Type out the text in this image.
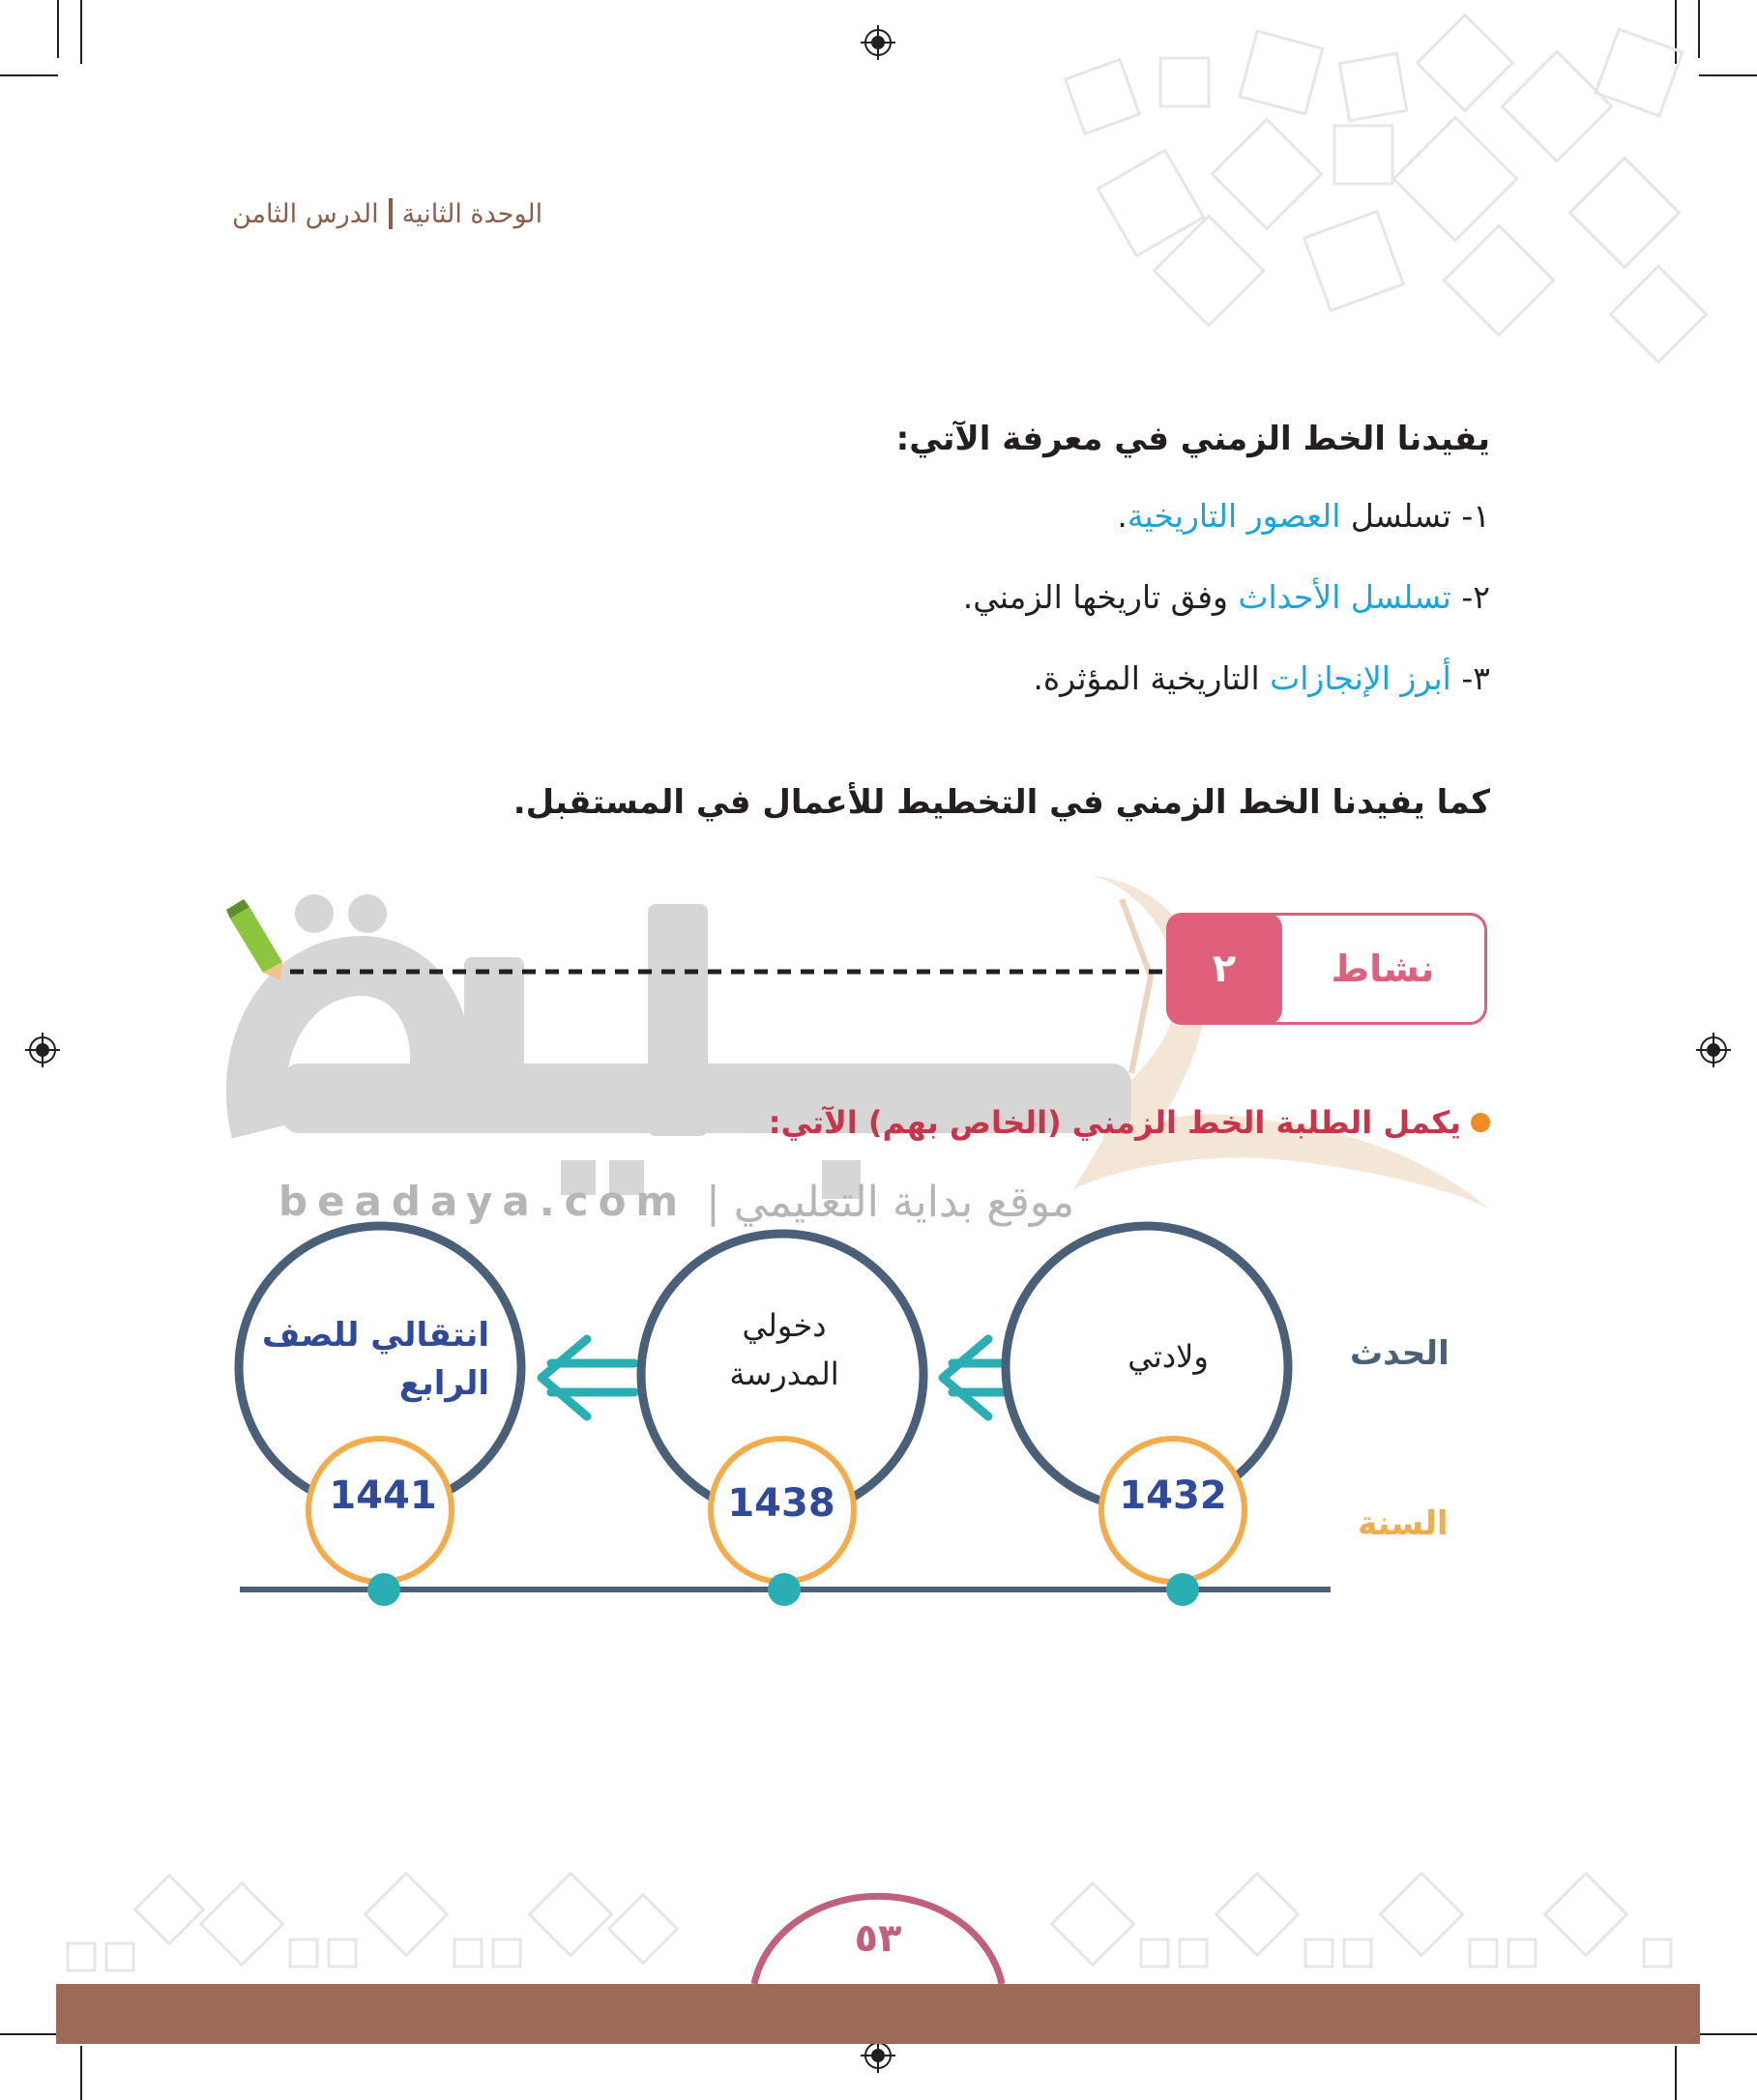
الوحدة الثانية
الدرس الثامن
يفيدنا الخط الزمني في معرفة الآتي:
١- تسلسل العصور التاريخية.
٢- تسلسل الأحداث وفق تاريخها الزمني.
٣- أبرز الإنجازات التاريخية المؤثرة.
كما يفيدنا الخط الزمني في التخطيط للأعمال في المستقبل.
٢	نشاط
يكمل الطلبة الخط الزمني (الخاص بهم) الآتي:
موقع بداية التعليمي |
beadaya.com
الحدث
السنة
ولادتي
دخولي
المدرسة
انتقالي للصف
الرابع
1432
1438
1441
٥٣
